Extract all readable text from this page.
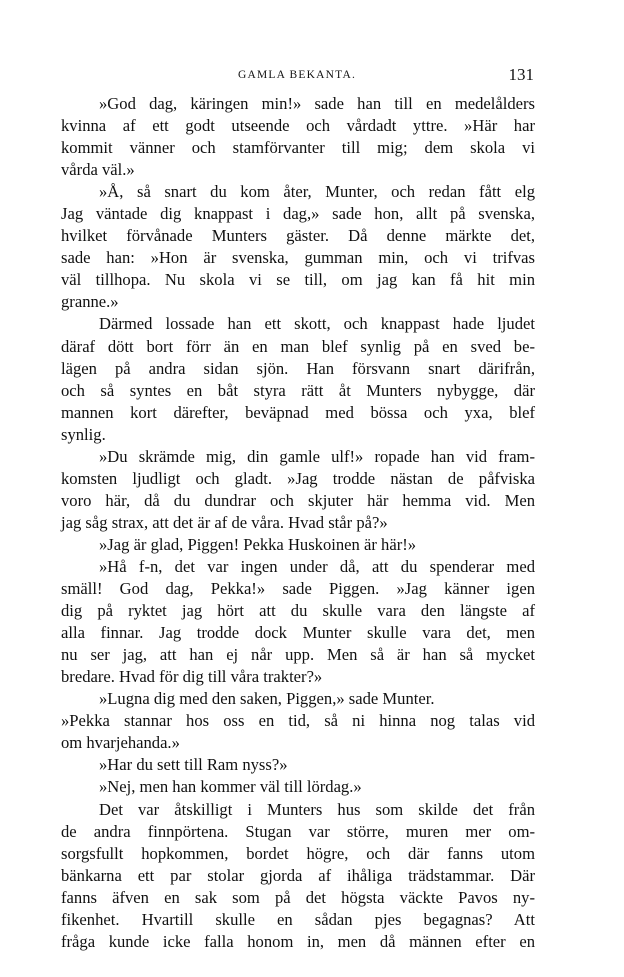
GAMLA BEKANTA.	131
»God dag, käringen min!» sade han till en medelålders
kvinna af ett godt utseende och vårdadt yttre. »Här har
kommit vänner och stamförvanter till mig; dem skola vi
vårda väl.»
»Å, så snart du kom åter, Munter, och redan fått elg
Jag väntade dig knappast i dag,» sade hon, allt på svenska,
hvilket förvånade Munters gäster. Då denne märkte det,
sade han: »Hon är svenska, gumman min, och vi trifvas
väl tillhopa. Nu skola vi se till, om jag kan få hit min
granne.»
Därmed lossade han ett skott, och knappast hade ljudet
däraf dött bort förr än en man blef synlig på en sved be-
lägen på andra sidan sjön. Han försvann snart därifrån,
och så syntes en båt styra rätt åt Munters nybygge, där
mannen kort därefter, beväpnad med bössa och yxa, blef
synlig.
»Du skrämde mig, din gamle ulf!» ropade han vid fram-
komsten ljudligt och gladt. »Jag trodde nästan de påfviska
voro här, då du dundrar och skjuter här hemma vid. Men
jag såg strax, att det är af de våra. Hvad står på?»
»Jag är glad, Piggen! Pekka Huskoinen är här!»
»Hå f-n, det var ingen under då, att du spenderar med
smäll! God dag, Pekka!» sade Piggen. »Jag känner igen
dig på ryktet jag hört att du skulle vara den längste af
alla finnar. Jag trodde dock Munter skulle vara det, men
nu ser jag, att han ej når upp. Men så är han så mycket
bredare. Hvad för dig till våra trakter?»
»Lugna dig med den saken, Piggen,» sade Munter.
»Pekka stannar hos oss en tid, så ni hinna nog talas vid
om hvarjehanda.»
»Har du sett till Ram nyss?»
»Nej, men han kommer väl till lördag.»
Det var åtskilligt i Munters hus som skilde det från
de andra finnpörtena. Stugan var större, muren mer om-
sorgsfullt hopkommen, bordet högre, och där fanns utom
bänkarna ett par stolar gjorda af ihåliga trädstammar. Där
fanns äfven en sak som på det högsta väckte Pavos ny-
fikenhet. Hvartill skulle en sådan pjes begagnas? Att
fråga kunde icke falla honom in, men då männen efter en
